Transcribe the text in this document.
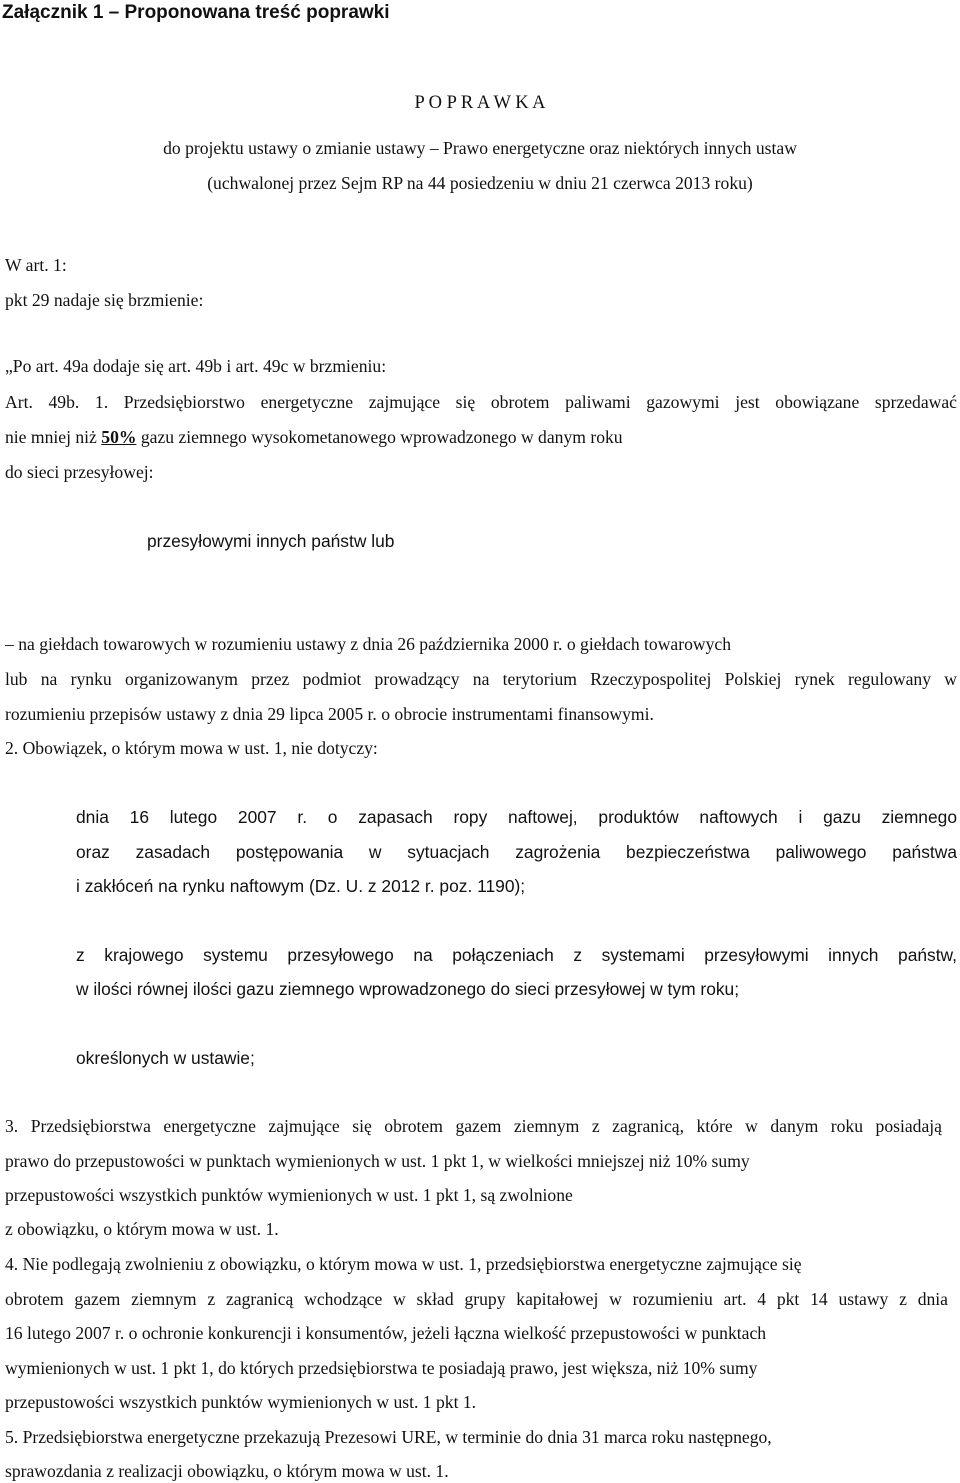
Załącznik 1 – Proponowana treść poprawki
P O P R A W K A
do projektu ustawy o zmianie ustawy – Prawo energetyczne oraz niektórych innych ustaw
(uchwalonej przez Sejm RP na 44 posiedzeniu w dniu 21 czerwca 2013 roku)
W art. 1:
pkt 29 nadaje się brzmienie:
„Po art. 49a dodaje się art. 49b i art. 49c w brzmieniu:
Art. 49b. 1. Przedsiębiorstwo energetyczne zajmujące się obrotem paliwami gazowymi jest obowiązane sprzedawać
nie mniej niż 50% gazu ziemnego wysokometanowego wprowadzonego w danym roku
do sieci przesyłowej:
przesyłowymi innych państw lub
– na giełdach towarowych w rozumieniu ustawy z dnia 26 października 2000 r. o giełdach towarowych
lub na rynku organizowanym przez podmiot prowadzący na terytorium Rzeczypospolitej Polskiej rynek regulowany w
rozumieniu przepisów ustawy z dnia 29 lipca 2005 r. o obrocie instrumentami finansowymi.
2. Obowiązek, o którym mowa w ust. 1, nie dotyczy:
dnia 16 lutego 2007 r. o zapasach ropy naftowej, produktów naftowych i gazu ziemnego
oraz zasadach postępowania w sytuacjach zagrożenia bezpieczeństwa paliwowego państwa
i zakłóceń na rynku naftowym (Dz. U. z 2012 r. poz. 1190);
z krajowego systemu przesyłowego na połączeniach z systemami przesyłowymi innych państw,
w ilości równej ilości gazu ziemnego wprowadzonego do sieci przesyłowej w tym roku;
określonych w ustawie;
3. Przedsiębiorstwa energetyczne zajmujące się obrotem gazem ziemnym z zagranicą, które w danym roku posiadają
prawo do przepustowości w punktach wymienionych w ust. 1 pkt 1, w wielkości mniejszej niż 10% sumy
przepustowości wszystkich punktów wymienionych w ust. 1 pkt 1, są zwolnione
z obowiązku, o którym mowa w ust. 1.
4. Nie podlegają zwolnieniu z obowiązku, o którym mowa w ust. 1, przedsiębiorstwa energetyczne zajmujące się
obrotem gazem ziemnym z zagranicą wchodzące w skład grupy kapitałowej w rozumieniu art. 4 pkt 14 ustawy z dnia
16 lutego 2007 r. o ochronie konkurencji i konsumentów, jeżeli łączna wielkość przepustowości w punktach
wymienionych w ust. 1 pkt 1, do których przedsiębiorstwa te posiadają prawo, jest większa, niż 10% sumy
przepustowości wszystkich punktów wymienionych w ust. 1 pkt 1.
5. Przedsiębiorstwa energetyczne przekazują Prezesowi URE, w terminie do dnia 31 marca roku następnego,
sprawozdania z realizacji obowiązku, o którym mowa w ust. 1.
